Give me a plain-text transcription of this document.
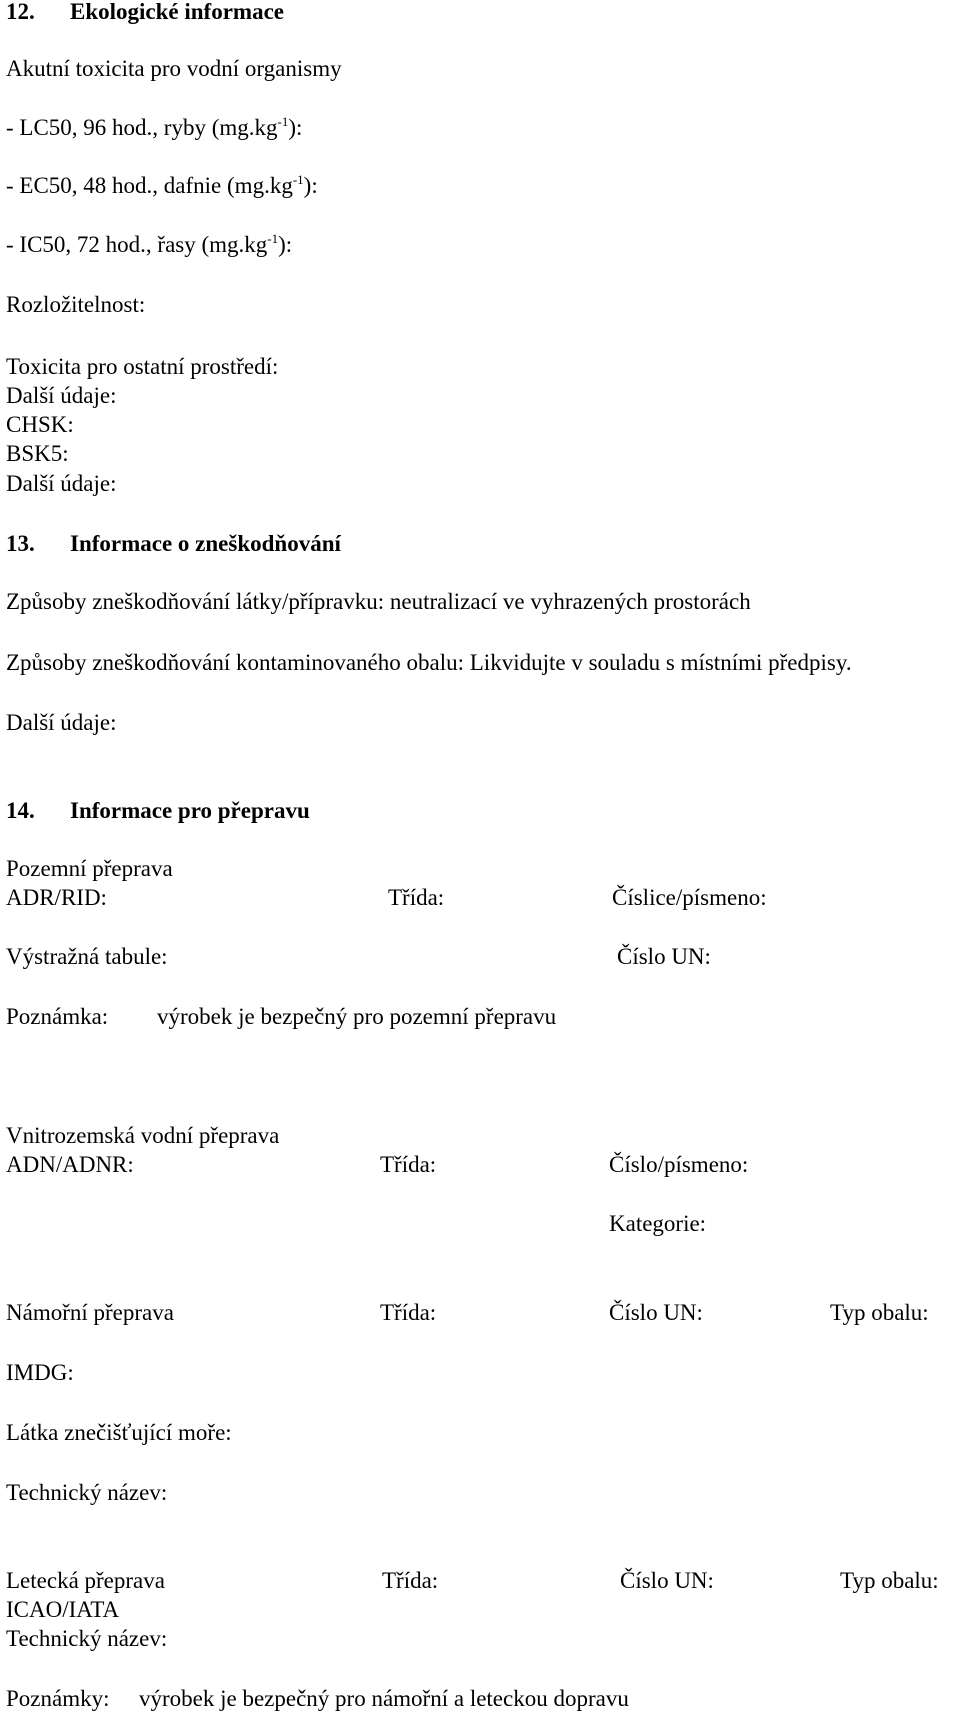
12. Ekologické informace
Akutní toxicita pro vodní organismy
- LC50, 96 hod., ryby $(mg.kg^{-1})$:
- EC50, 48 hod., dafnie $(mg.kg^{-1})$:
- IC50, 72 hod., řasy $(mg.kg^{-1})$:
Rozložitelnost:
Toxicita pro ostatní prostředí:
Další údaje:
CHSK:
BSK5:
Další údaje:
13. Informace o zneškodňování
Způsoby zneškodňování látky/přípravku: neutralizací ve vyhrazených prostorách
Způsoby zneškodňování kontaminovaného obalu: Likvidujte v souladu s místními předpisy.
Další údaje:
14. Informace pro přepravu
Pozemní přeprava
ADR/RID:	Třída:	Číslice/písmeno:
Výstražná tabule:	Číslo UN:
Poznámka: výrobek je bezpečný pro pozemní přepravu
Vnitrozemská vodní přeprava
ADN/ADNR:	Třída:	Číslo/písmeno:
Kategorie:
Námořní přeprava	Třída:	Číslo UN:	Typ obalu:
IMDG:
Látka znečišťující moře:
Technický název:
Letecká přeprava	Třída:	Číslo UN:	Typ obalu:
ICAO/IATA
Technický název:
Poznámky: výrobek je bezpečný pro námořní a leteckou dopravu
